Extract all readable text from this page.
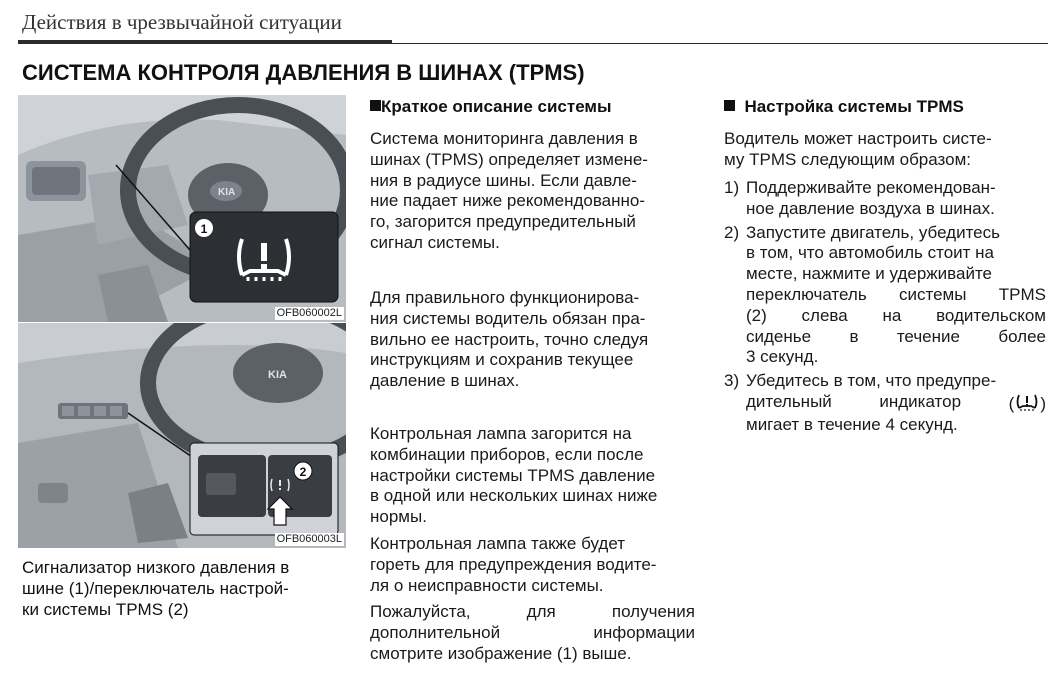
Действия в чрезвычайной ситуации
СИСТЕМА КОНТРОЛЯ ДАВЛЕНИЯ В ШИНАХ (TPMS)
KIA
1
OFB060002L
KIA
2
OFB060003L
Сигнализатор низкого давления в
шине (1)/переключатель настрой-
ки системы TPMS (2)
Краткое описание системы
Система мониторинга давления в
шинах (TPMS) определяет измене-
ния в радиусе шины. Если давле-
ние падает ниже рекомендованно-
го, загорится предупредительный
сигнал системы.
Для правильного функционирова-
ния системы водитель обязан пра-
вильно ее настроить, точно следуя
инструкциям и сохранив текущее
давление в шинах.
Контрольная лампа загорится на
комбинации приборов, если после
настройки системы TPMS давление
в одной или нескольких шинах ниже
нормы.
Контрольная лампа также будет
гореть для предупреждения водите-
ля о неисправности системы.
Пожалуйста,	для	получения
дополнительной	информации
смотрите изображение (1) выше.
Настройка системы TPMS
Водитель может настроить систе-
му TPMS следующим образом:
1) Поддерживайте рекомендован-
ное давление воздуха в шинах.
2) Запустите двигатель, убедитесь
в том, что автомобиль стоит на
месте, нажмите и удерживайте
переключатель системы TPMS
(2) слева на водительском
сиденье в течение более
3 секунд.
3) Убедитесь в том, что предупре-
дительный	индикатор	( )
мигает в течение 4 секунд.
